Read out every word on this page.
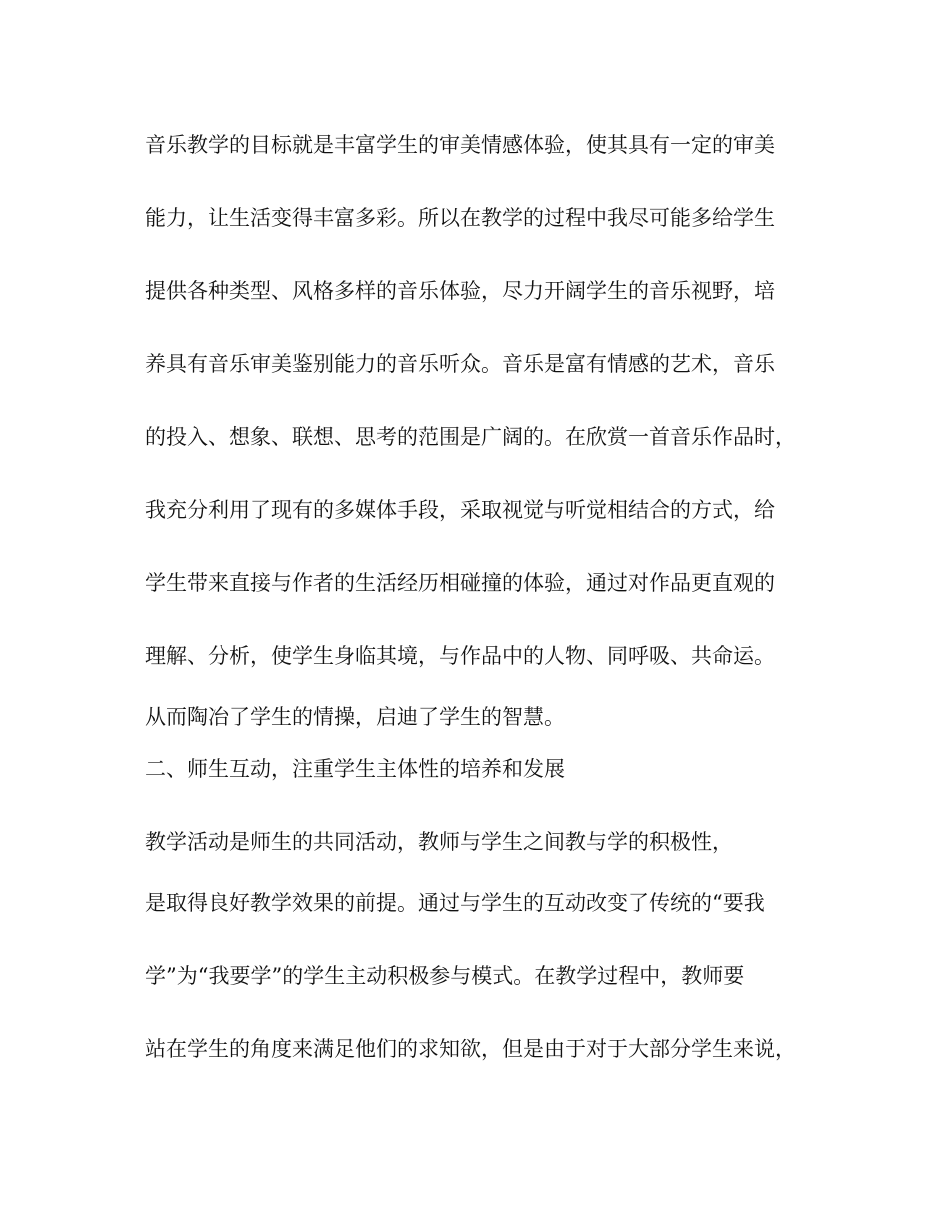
音乐教学的目标就是丰富学生的审美情感体验，使其具有一定的审美
能力，让生活变得丰富多彩。所以在教学的过程中我尽可能多给学生
提供各种类型、风格多样的音乐体验，尽力开阔学生的音乐视野，培
养具有音乐审美鉴别能力的音乐听众。音乐是富有情感的艺术，音乐
的投入、想象、联想、思考的范围是广阔的。在欣赏一首音乐作品时，
我充分利用了现有的多媒体手段，采取视觉与听觉相结合的方式，给
学生带来直接与作者的生活经历相碰撞的体验，通过对作品更直观的
理解、分析，使学生身临其境，与作品中的人物、同呼吸、共命运。
从而陶冶了学生的情操，启迪了学生的智慧。
二、师生互动，注重学生主体性的培养和发展
教学活动是师生的共同活动，教师与学生之间教与学的积极性，
是取得良好教学效果的前提。通过与学生的互动改变了传统的“要我
学”为“我要学”的学生主动积极参与模式。在教学过程中，教师要
站在学生的角度来满足他们的求知欲，但是由于对于大部分学生来说，
